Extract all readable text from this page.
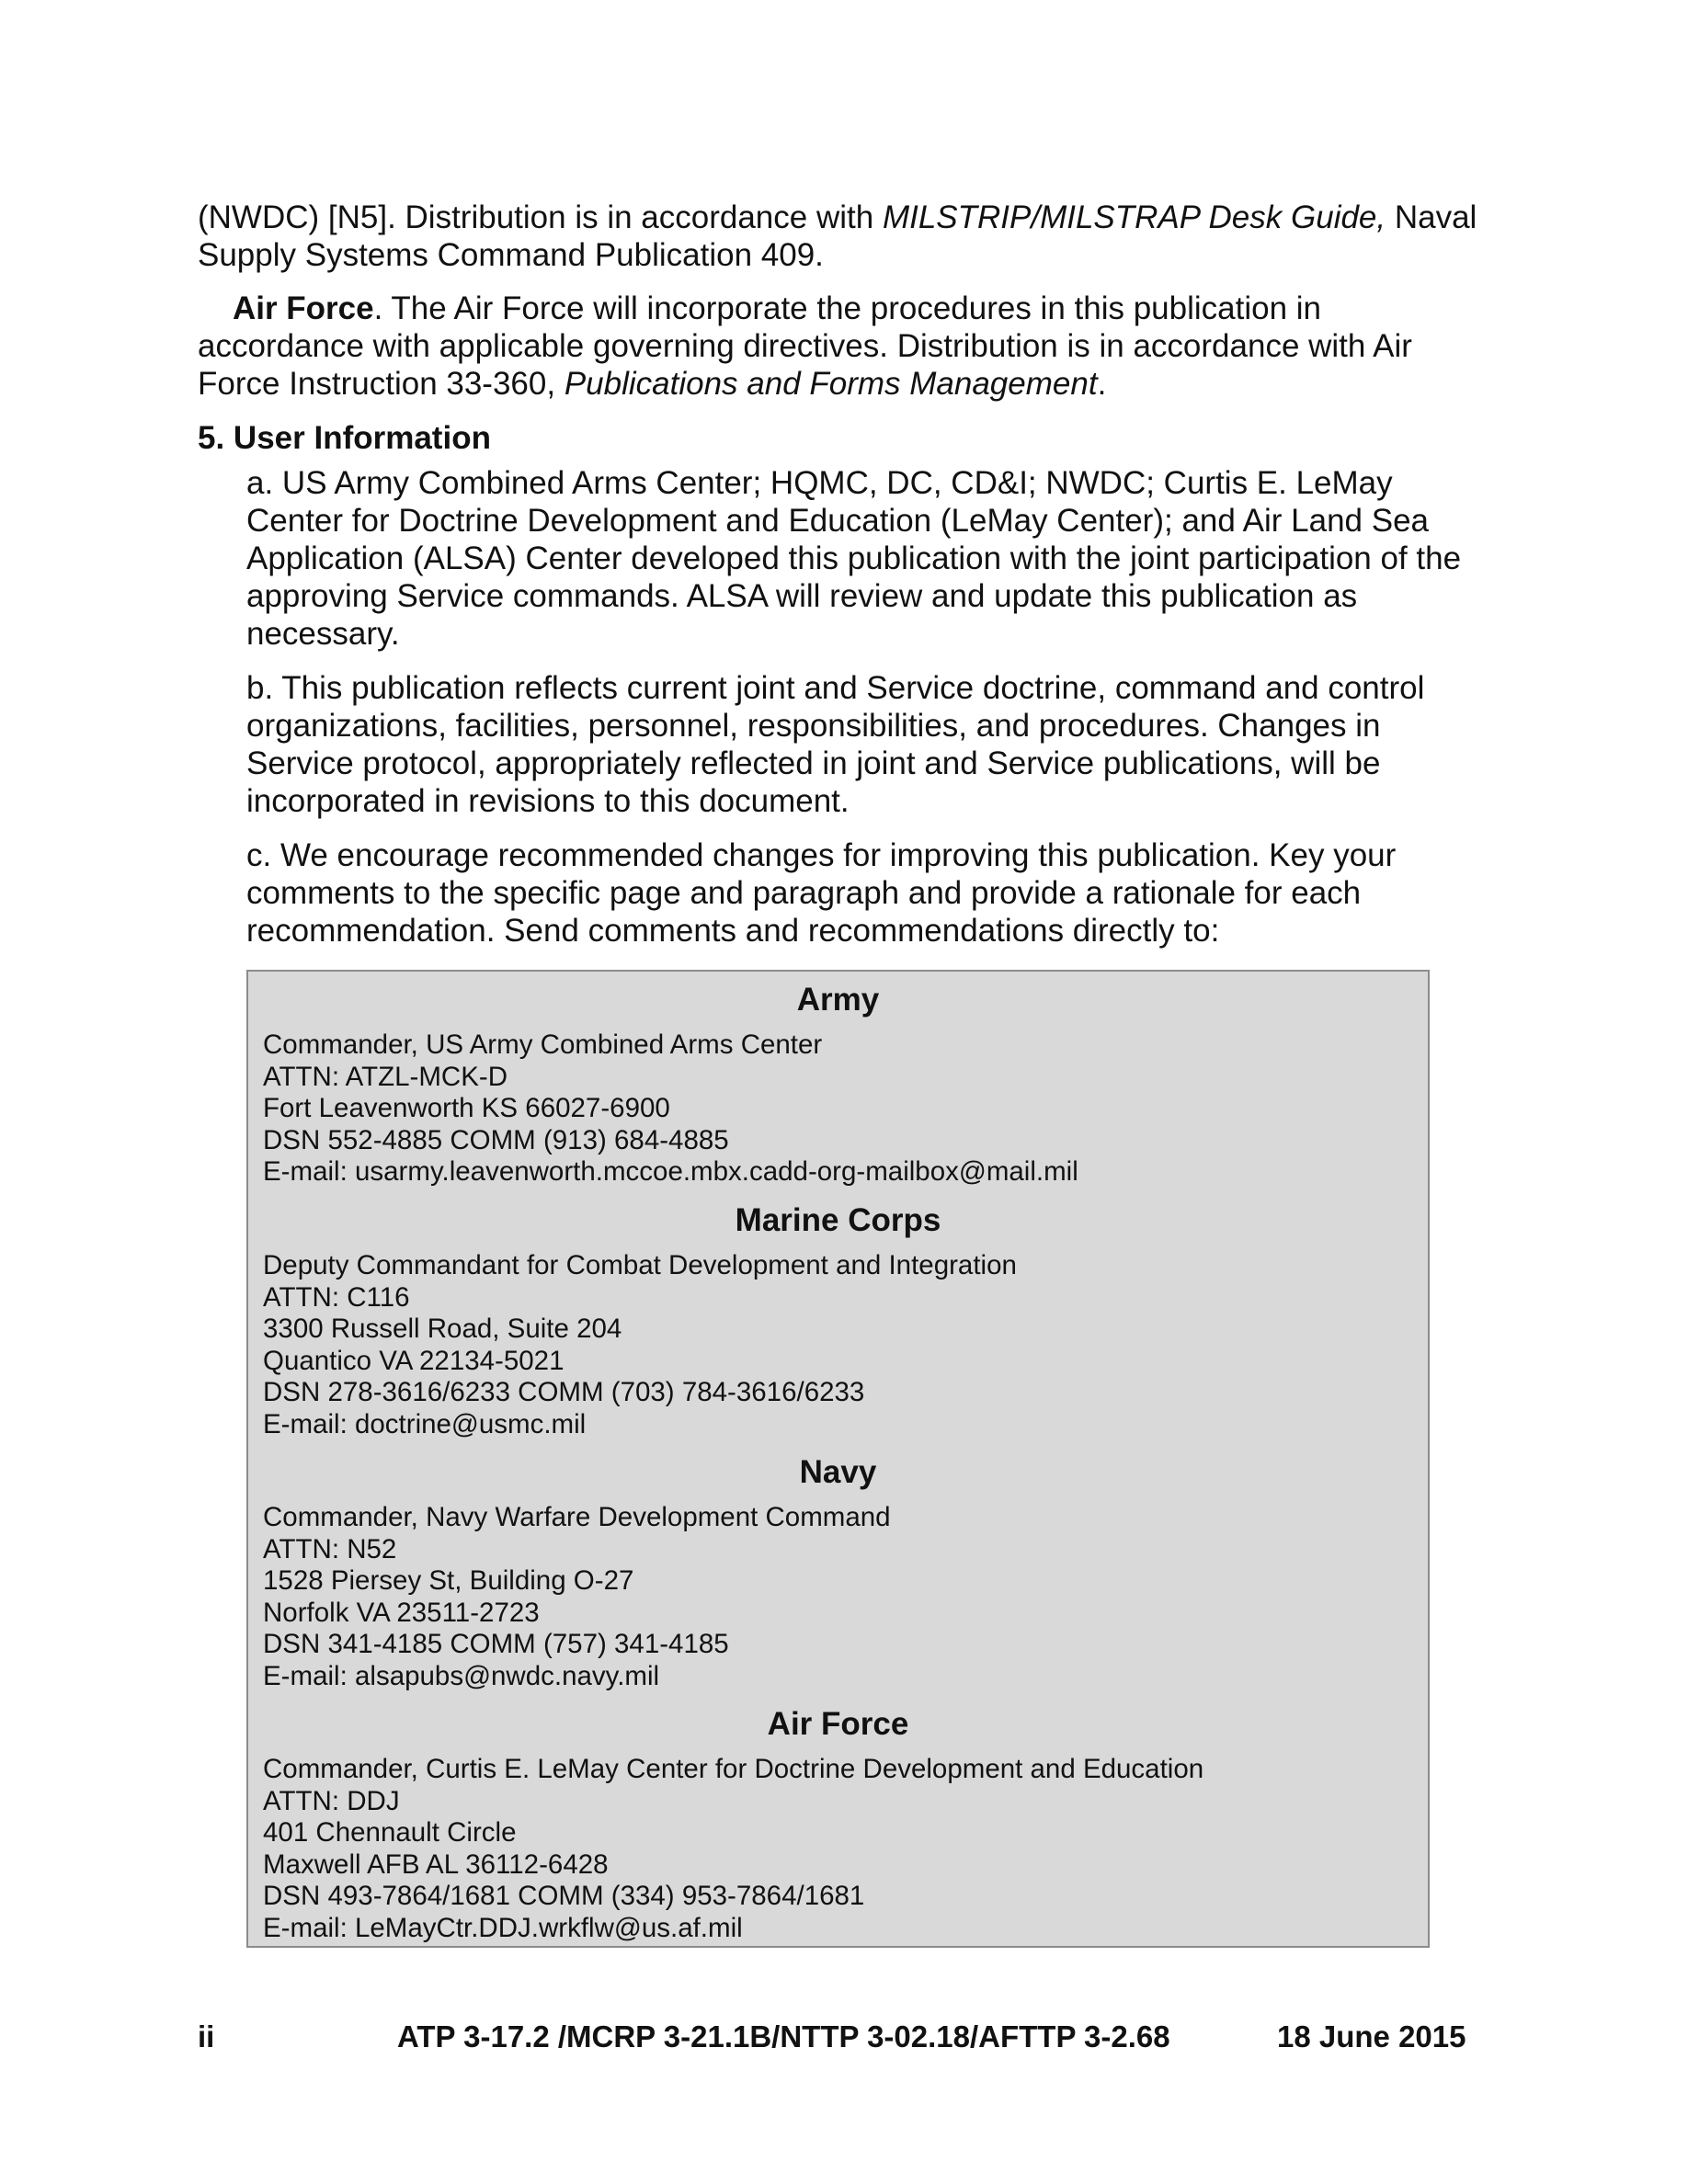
(NWDC) [N5]. Distribution is in accordance with MILSTRIP/MILSTRAP Desk Guide, Naval Supply Systems Command Publication 409.
  Air Force. The Air Force will incorporate the procedures in this publication in accordance with applicable governing directives. Distribution is in accordance with Air Force Instruction 33-360, Publications and Forms Management.
5. User Information
a. US Army Combined Arms Center; HQMC, DC, CD&I; NWDC; Curtis E. LeMay Center for Doctrine Development and Education (LeMay Center); and Air Land Sea Application (ALSA) Center developed this publication with the joint participation of the approving Service commands. ALSA will review and update this publication as necessary.
b. This publication reflects current joint and Service doctrine, command and control organizations, facilities, personnel, responsibilities, and procedures. Changes in Service protocol, appropriately reflected in joint and Service publications, will be incorporated in revisions to this document.
c. We encourage recommended changes for improving this publication. Key your comments to the specific page and paragraph and provide a rationale for each recommendation. Send comments and recommendations directly to:
Army
Commander, US Army Combined Arms Center
ATTN: ATZL-MCK-D
Fort Leavenworth KS 66027-6900
DSN 552-4885 COMM (913) 684-4885
E-mail: usarmy.leavenworth.mccoe.mbx.cadd-org-mailbox@mail.mil
Marine Corps
Deputy Commandant for Combat Development and Integration
ATTN: C116
3300 Russell Road, Suite 204
Quantico VA 22134-5021
DSN 278-3616/6233 COMM (703) 784-3616/6233
E-mail: doctrine@usmc.mil
Navy
Commander, Navy Warfare Development Command
ATTN: N52
1528 Piersey St, Building O-27
Norfolk VA 23511-2723
DSN 341-4185 COMM (757) 341-4185
E-mail: alsapubs@nwdc.navy.mil
Air Force
Commander, Curtis E. LeMay Center for Doctrine Development and Education
ATTN: DDJ
401 Chennault Circle
Maxwell AFB AL 36112-6428
DSN 493-7864/1681 COMM (334) 953-7864/1681
E-mail: LeMayCtr.DDJ.wrkflw@us.af.mil
ii	ATP 3-17.2 /MCRP 3-21.1B/NTTP 3-02.18/AFTTP 3-2.68	18 June 2015
